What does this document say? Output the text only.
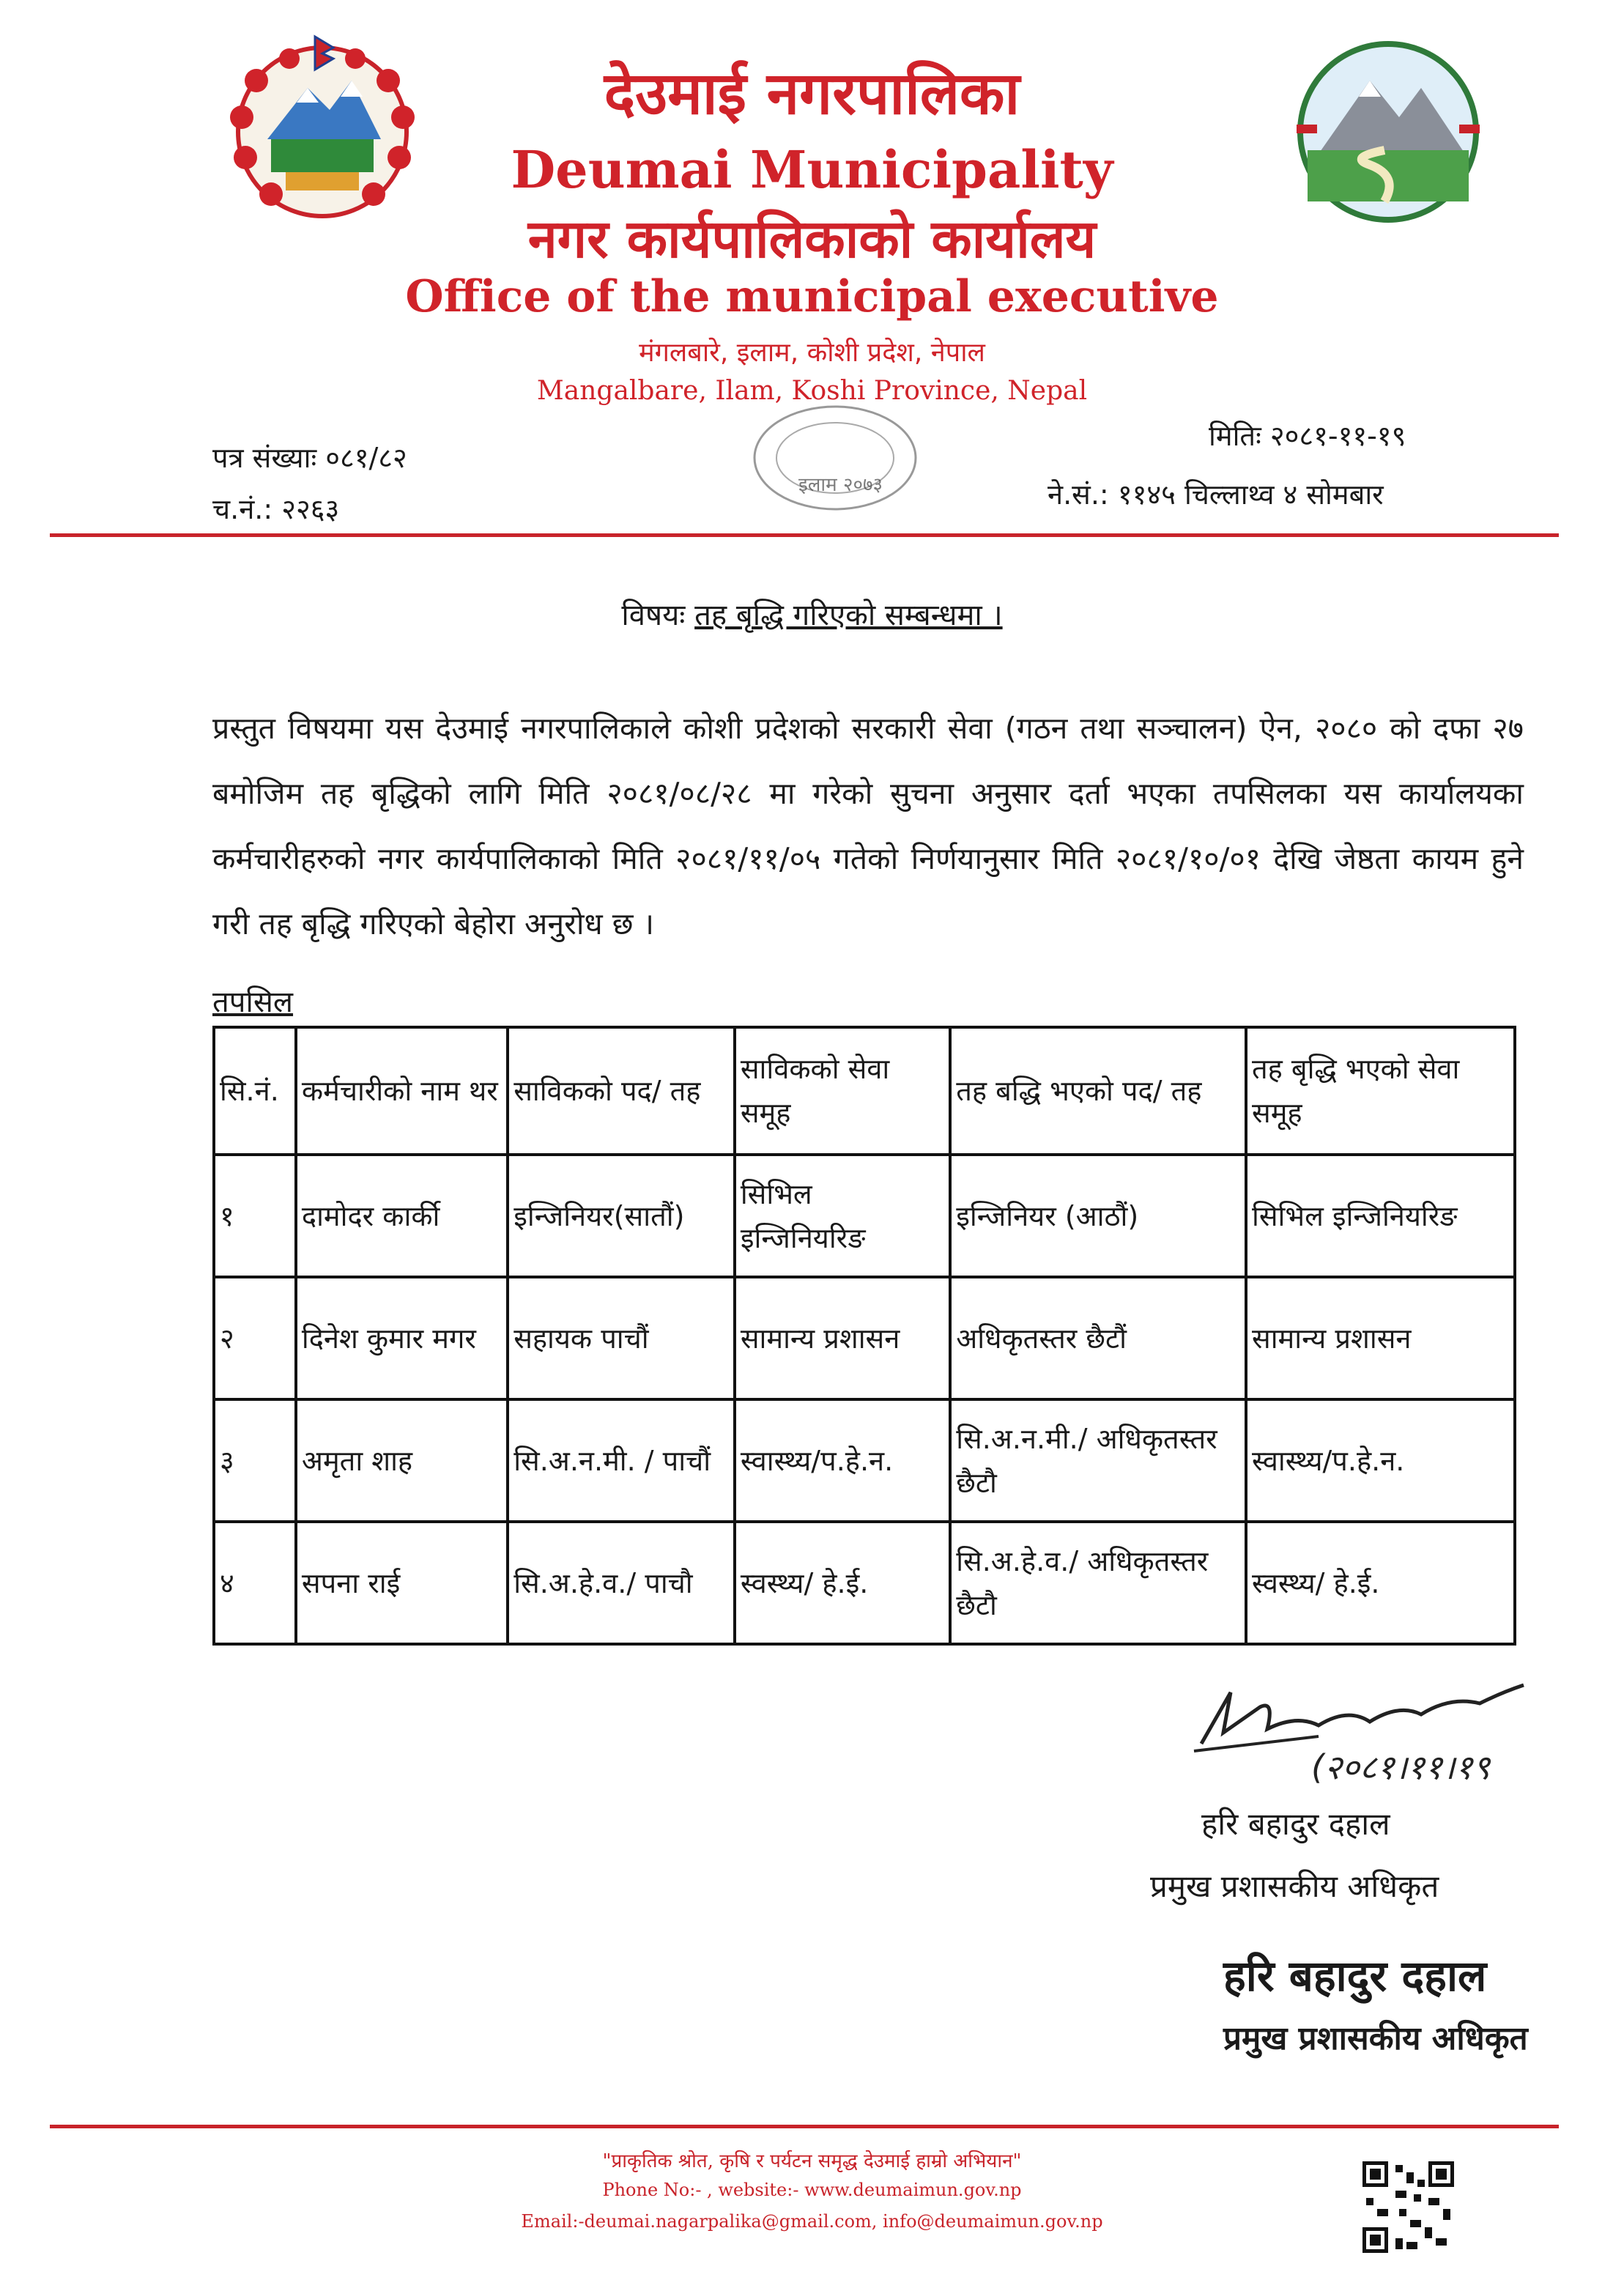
देउमाई नगरपालिका
Deumai Municipality
नगर कार्यपालिकाको कार्यालय
Office of the municipal executive
मंगलबारे, इलाम, कोशी प्रदेश, नेपाल
Mangalbare, Ilam, Koshi Province, Nepal
इलाम २०७३
पत्र संख्याः ०८१/८२
च.नं.: २२६३
मितिः २०८१-११-१९
ने.सं.: ११४५ चिल्लाथ्व ४ सोमबार
विषयः तह बृद्धि गरिएको सम्बन्धमा ।
प्रस्तुत विषयमा यस देउमाई नगरपालिकाले कोशी प्रदेशको सरकारी सेवा (गठन तथा सञ्चालन) ऐन, २०८० को दफा २७ बमोजिम तह बृद्धिको लागि मिति २०८१/०८/२८ मा गरेको सुचना अनुसार दर्ता भएका तपसिलका यस कार्यालयका कर्मचारीहरुको नगर कार्यपालिकाको मिति २०८१/११/०५ गतेको निर्णयानुसार मिति २०८१/१०/०१ देखि जेष्ठता कायम हुने गरी तह बृद्धि गरिएको बेहोरा अनुरोध छ ।
तपसिल
सि.नं.	कर्मचारीको नाम थर	साविकको पद/ तह	साविकको सेवा समूह	तह बद्धि भएको पद/ तह	तह बृद्धि भएको सेवा समूह
१	दामोदर कार्की	इन्जिनियर(सातौं)	सिभिल इन्जिनियरिङ	इन्जिनियर (आठौं)	सिभिल इन्जिनियरिङ
२	दिनेश कुमार मगर	सहायक पाचौं	सामान्य प्रशासन	अधिकृतस्तर छैटौं	सामान्य प्रशासन
३	अमृता शाह	सि.अ.न.मी. / पाचौं	स्वास्थ्य/प.हे.न.	सि.अ.न.मी./ अधिकृतस्तर छैटौ	स्वास्थ्य/प.हे.न.
४	सपना राई	सि.अ.हे.व./ पाचौ	स्वस्थ्य/ हे.ई.	सि.अ.हे.व./ अधिकृतस्तर छैटौ	स्वस्थ्य/ हे.ई.
(२०८१।११।१९
हरि बहादुर दहाल
प्रमुख प्रशासकीय अधिकृत
हरि बहादुर दहाल
प्रमुख प्रशासकीय अधिकृत
"प्राकृतिक श्रोत, कृषि र पर्यटन समृद्ध देउमाई हाम्रो अभियान"
Phone No:- , website:- www.deumaimun.gov.np
Email:-deumai.nagarpalika@gmail.com, info@deumaimun.gov.np
